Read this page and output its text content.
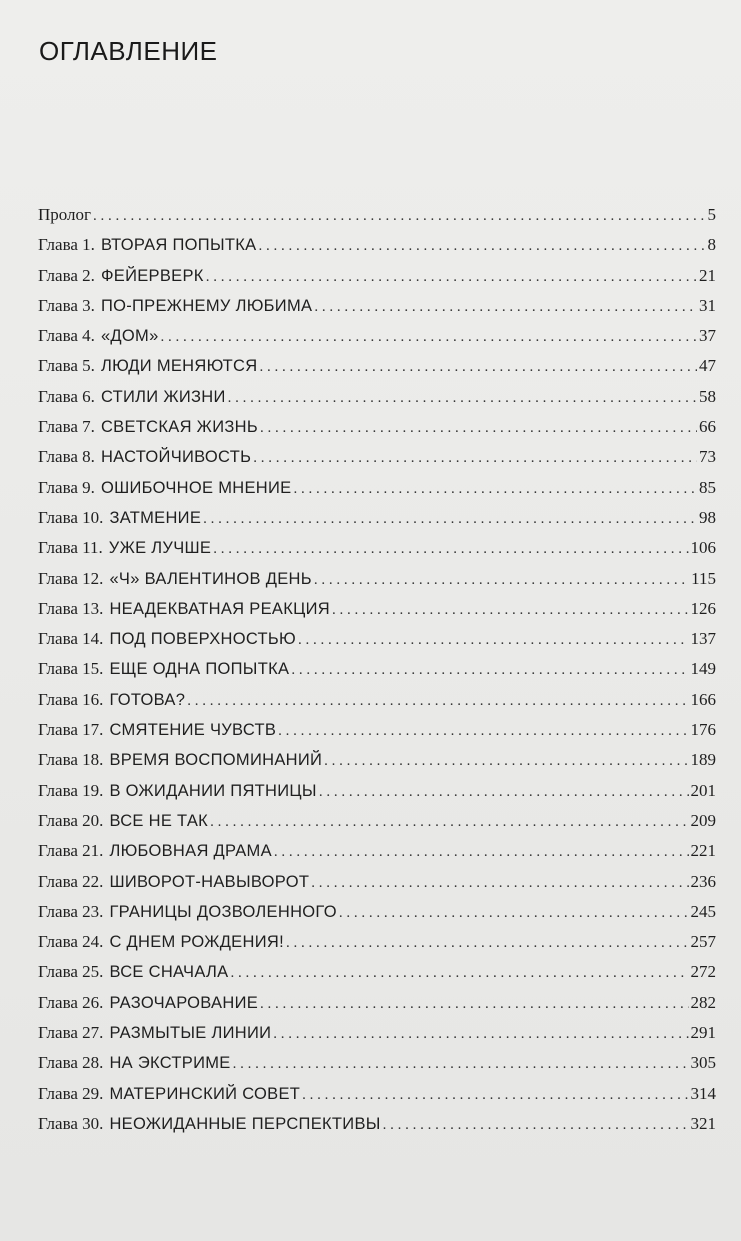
ОГЛАВЛЕНИЕ
Пролог . . .	5
Глава 1. ВТОРАЯ ПОПЫТКА . . .	8
Глава 2. ФЕЙЕРВЕРК . . .	21
Глава 3. ПО-ПРЕЖНЕМУ ЛЮБИМА . . .	31
Глава 4. «ДОМ» . . .	37
Глава 5. ЛЮДИ МЕНЯЮТСЯ . . .	47
Глава 6. СТИЛИ ЖИЗНИ . . .	58
Глава 7. СВЕТСКАЯ ЖИЗНЬ . . .	66
Глава 8. НАСТОЙЧИВОСТЬ . . .	73
Глава 9. ОШИБОЧНОЕ МНЕНИЕ . . .	85
Глава 10. ЗАТМЕНИЕ . . .	98
Глава 11. УЖЕ ЛУЧШЕ . . .	106
Глава 12. «Ч» ВАЛЕНТИНОВ ДЕНЬ . . .	115
Глава 13. НЕАДЕКВАТНАЯ РЕАКЦИЯ . . .	126
Глава 14. ПОД ПОВЕРХНОСТЬЮ . . .	137
Глава 15. ЕЩЕ ОДНА ПОПЫТКА . . .	149
Глава 16. ГОТОВА? . . .	166
Глава 17. СМЯТЕНИЕ ЧУВСТВ . . .	176
Глава 18. ВРЕМЯ ВОСПОМИНАНИЙ . . .	189
Глава 19. В ОЖИДАНИИ ПЯТНИЦЫ . . .	201
Глава 20. ВСЕ НЕ ТАК . . .	209
Глава 21. ЛЮБОВНАЯ ДРАМА . . .	221
Глава 22. ШИВОРОТ-НАВЫВОРОТ . . .	236
Глава 23. ГРАНИЦЫ ДОЗВОЛЕННОГО . . .	245
Глава 24. С ДНЕМ РОЖДЕНИЯ! . . .	257
Глава 25. ВСЕ СНАЧАЛА . . .	272
Глава 26. РАЗОЧАРОВАНИЕ . . .	282
Глава 27. РАЗМЫТЫЕ ЛИНИИ . . .	291
Глава 28. НА ЭКСТРИМЕ . . .	305
Глава 29. МАТЕРИНСКИЙ СОВЕТ . . .	314
Глава 30. НЕОЖИДАННЫЕ ПЕРСПЕКТИВЫ . . .	321
